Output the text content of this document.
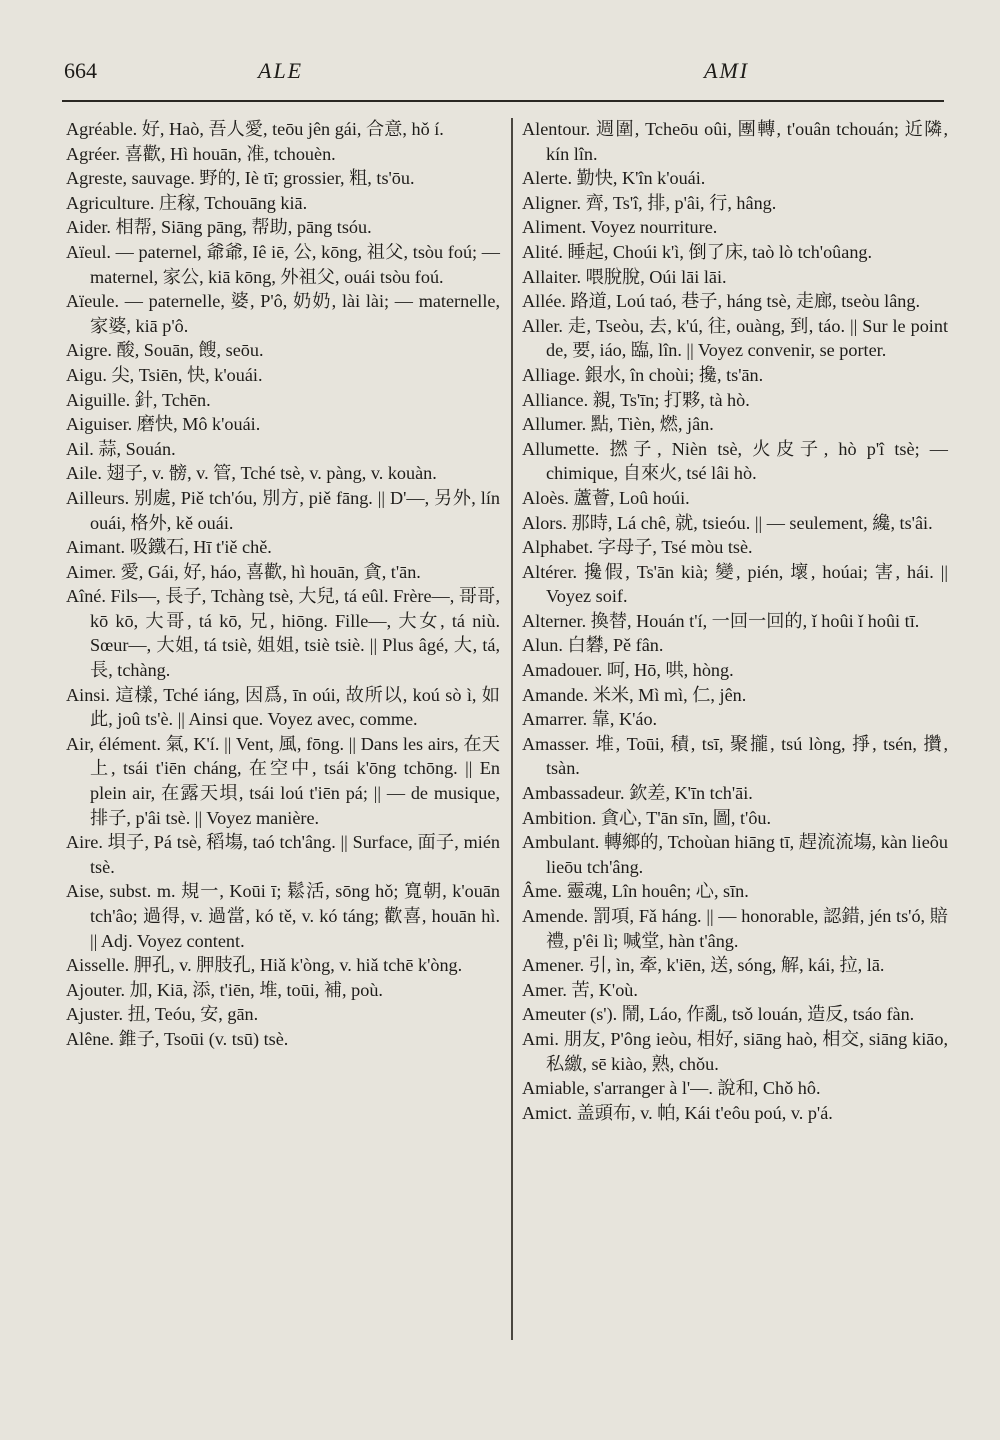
664	ALE	AMI
Agréable. 好, Haò, 吾人愛, teōu jên gái, 合意, hǒ í.
Agréer. 喜歡, Hì houān, 准, tchouèn.
Agreste, sauvage. 野的, Iè tī; grossier, 粗, ts'ōu.
Agriculture. 庄稼, Tchouāng kiā.
Aider. 相帮, Siāng pāng, 帮助, pāng tsóu.
Aïeul. — paternel, 爺爺, Iê iē, 公, kōng, 祖父, tsòu foú; — maternel, 家公, kiā kōng, 外祖父, ouái tsòu foú.
Aïeule. — paternelle, 婆, P'ô, 奶奶, lài lài; — maternelle, 家婆, kiā p'ô.
Aigre. 酸, Souān, 餿, seōu.
Aigu. 尖, Tsiēn, 快, k'ouái.
Aiguille. 針, Tchēn.
Aiguiser. 磨快, Mô k'ouái.
Ail. 蒜, Souán.
Aile. 翅子, v. 髈, v. 管, Tché tsè, v. pàng, v. kouàn.
Ailleurs. 别處, Piě tch'óu, 別方, piě fāng. || D'—, 另外, lín ouái, 格外, kě ouái.
Aimant. 吸鐵石, Hī t'iě chě.
Aimer. 愛, Gái, 好, háo, 喜歡, hì houān, 貪, t'ān.
Aîné. Fils—, 長子, Tchàng tsè, 大兒, tá eûl. Frère—, 哥哥, kō kō, 大哥, tá kō, 兄, hiōng. Fille—, 大女, tá niù. Sœur—, 大姐, tá tsiè, 姐姐, tsiè tsiè. || Plus âgé, 大, tá, 長, tchàng.
Ainsi. 這樣, Tché iáng, 因爲, īn oúi, 故所以, koú sò ì, 如此, joû ts'è. || Ainsi que. Voyez avec, comme.
Air, élément. 氣, K'í. || Vent, 風, fōng. || Dans les airs, 在天上, tsái t'iēn cháng, 在空中, tsái k'ōng tchōng. || En plein air, 在露天垻, tsái loú t'iēn pá; || — de musique, 排子, p'âi tsè. || Voyez manière.
Aire. 垻子, Pá tsè, 稻塲, taó tch'âng. || Surface, 面子, mién tsè.
Aise, subst. m. 規一, Koūi ī; 鬆活, sōng hǒ; 寬朝, k'ouān tch'âo; 過得, v. 過當, kó tě, v. kó táng; 歡喜, houān hì. || Adj. Voyez content.
Aisselle. 胛孔, v. 胛肢孔, Hiǎ k'òng, v. hiǎ tchē k'òng.
Ajouter. 加, Kiā, 添, t'iēn, 堆, toūi, 補, poù.
Ajuster. 扭, Teóu, 安, gān.
Alêne. 錐子, Tsoūi (v. tsū) tsè.
Alentour. 週圍, Tcheōu oûi, 團轉, t'ouân tchouán; 近隣, kín lîn.
Alerte. 勤快, K'în k'ouái.
Aligner. 齊, Ts'î, 排, p'âi, 行, hâng.
Aliment. Voyez nourriture.
Alité. 睡起, Choúi k'ì, 倒了床, taò lò tch'oûang.
Allaiter. 喂脫脫, Oúi lāi lāi.
Allée. 路道, Loú taó, 巷子, háng tsè, 走廊, tseòu lâng.
Aller. 走, Tseòu, 去, k'ú, 往, ouàng, 到, táo. || Sur le point de, 要, iáo, 臨, lîn. || Voyez convenir, se porter.
Alliage. 銀水, în choùi; 攙, ts'ān.
Alliance. 親, Ts'īn; 打夥, tà hò.
Allumer. 點, Tièn, 燃, jân.
Allumette. 撚子, Nièn tsè, 火皮子, hò p'î tsè; — chimique, 自來火, tsé lâi hò.
Aloès. 蘆薈, Loû hoúi.
Alors. 那時, Lá chê, 就, tsieóu. || — seulement, 纔, ts'âi.
Alphabet. 字母子, Tsé mòu tsè.
Altérer. 攙假, Ts'ān kià; 變, pién, 壞, hoúai; 害, hái. || Voyez soif.
Alterner. 換替, Houán t'í, 一回一回的, ǐ hoûi ǐ hoûi tī.
Alun. 白礬, Pě fân.
Amadouer. 呵, Hō, 哄, hòng.
Amande. 米米, Mì mì, 仁, jên.
Amarrer. 靠, K'áo.
Amasser. 堆, Toūi, 積, tsī, 聚攏, tsú lòng, 掙, tsén, 攢, tsàn.
Ambassadeur. 欽差, K'īn tch'āi.
Ambition. 貪心, T'ān sīn, 圖, t'ôu.
Ambulant. 轉鄉的, Tchoùan hiāng tī, 趕流流塲, kàn lieôu lieōu tch'âng.
Âme. 靈魂, Lîn houên; 心, sīn.
Amende. 罰項, Fǎ háng. || — honorable, 認錯, jén ts'ó, 賠禮, p'êi lì; 喊堂, hàn t'âng.
Amener. 引, ìn, 牽, k'iēn, 送, sóng, 解, kái, 拉, lā.
Amer. 苦, K'où.
Ameuter (s'). 鬧, Láo, 作亂, tsǒ louán, 造反, tsáo fàn.
Ami. 朋友, P'ông ieòu, 相好, siāng haò, 相交, siāng kiāo, 私繳, sē kiào, 熟, chǒu.
Amiable, s'arranger à l'—. 說和, Chǒ hô.
Amict. 盖頭布, v. 帕, Kái t'eôu poú, v. p'á.
